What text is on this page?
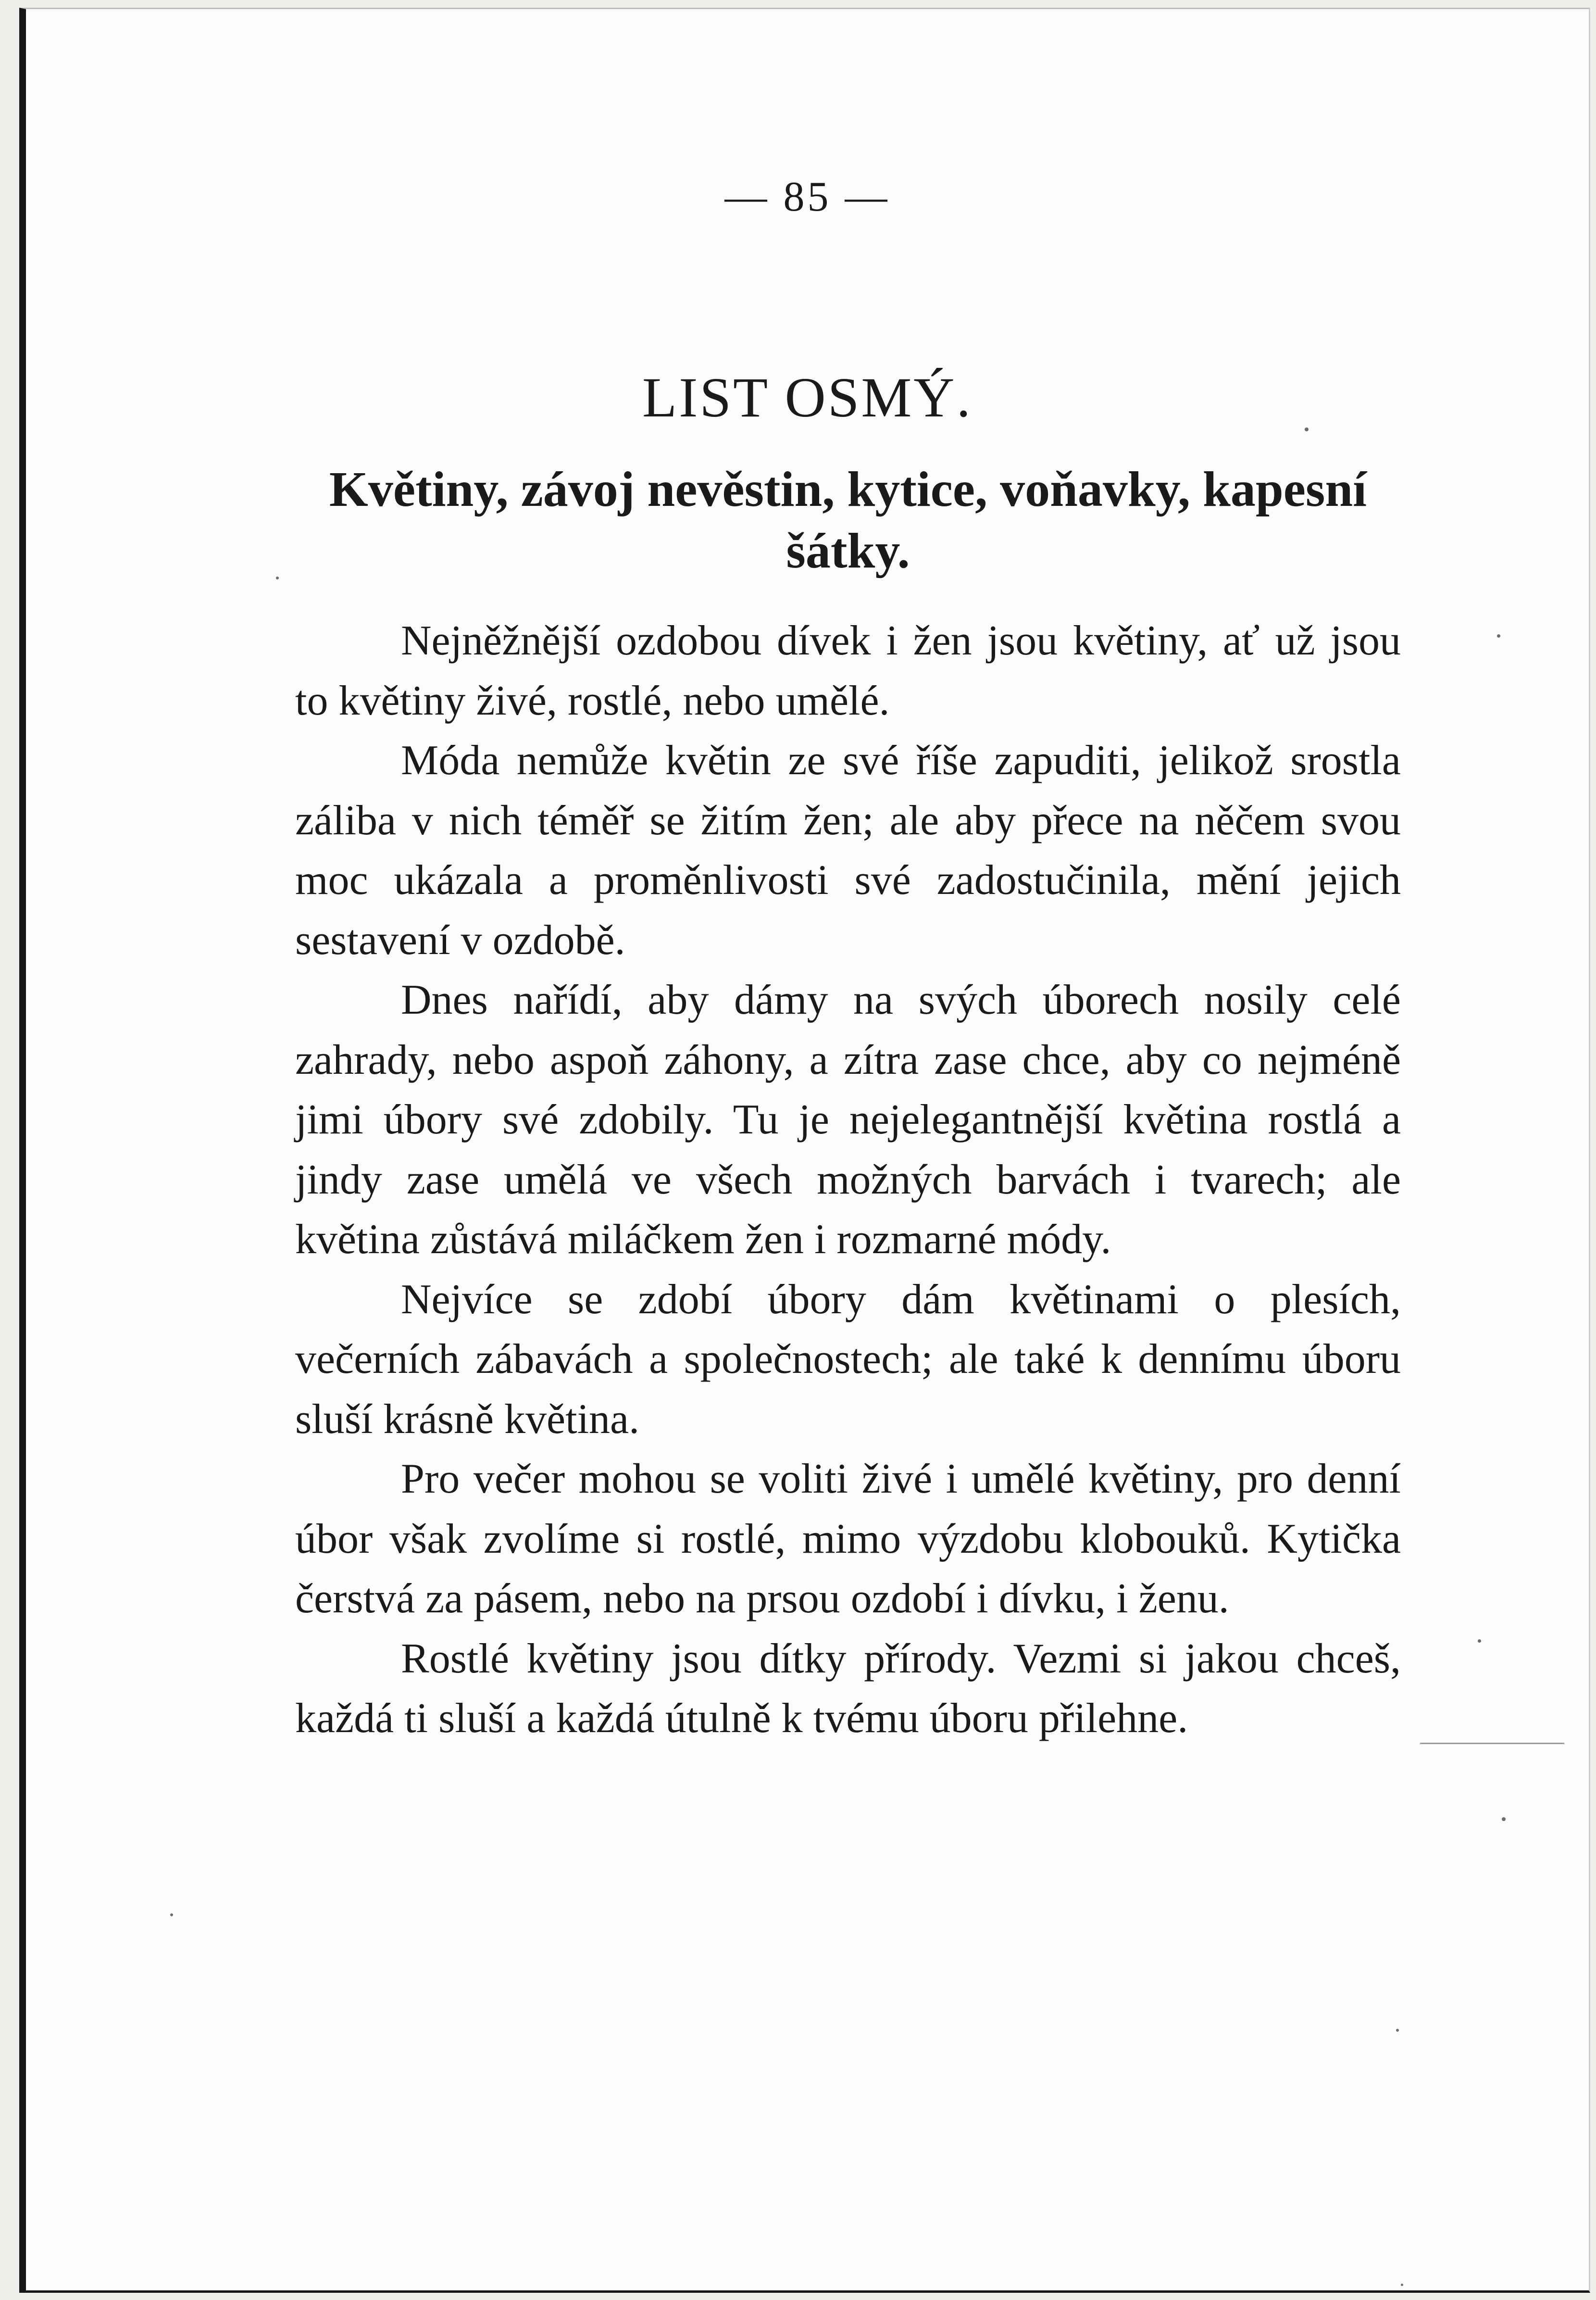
— 85 —
LIST OSMÝ.
Květiny, závoj nevěstin, kytice, voňavky, kapesní šátky.

Nejněžnější ozdobou dívek i žen jsou květiny, ať už jsou to květiny živé, rostlé, nebo umělé.

Móda nemůže květin ze své říše zapuditi, jelikož srostla záliba v nich téměř se žitím žen; ale aby přece na něčem svou moc ukázala a proměnlivosti své zadostučinila, mění jejich sestavení v ozdobě.

Dnes nařídí, aby dámy na svých úborech nosily celé zahrady, nebo aspoň záhony, a zítra zase chce, aby co nejméně jimi úbory své zdobily. Tu je nejelegantnější květina rostlá a jindy zase umělá ve všech možných barvách i tvarech; ale květina zůstává miláčkem žen i rozmarné módy.

Nejvíce se zdobí úbory dám květinami o plesích, večerních zábavách a společnostech; ale také k dennímu úboru sluší krásně květina.

Pro večer mohou se voliti živé i umělé květiny, pro denní úbor však zvolíme si rostlé, mimo výzdobu klobouků. Kytička čerstvá za pásem, nebo na prsou ozdobí i dívku, i ženu.

Rostlé květiny jsou dítky přírody. Vezmi si jakou chceš, každá ti sluší a každá útulně k tvému úboru přilehne.
